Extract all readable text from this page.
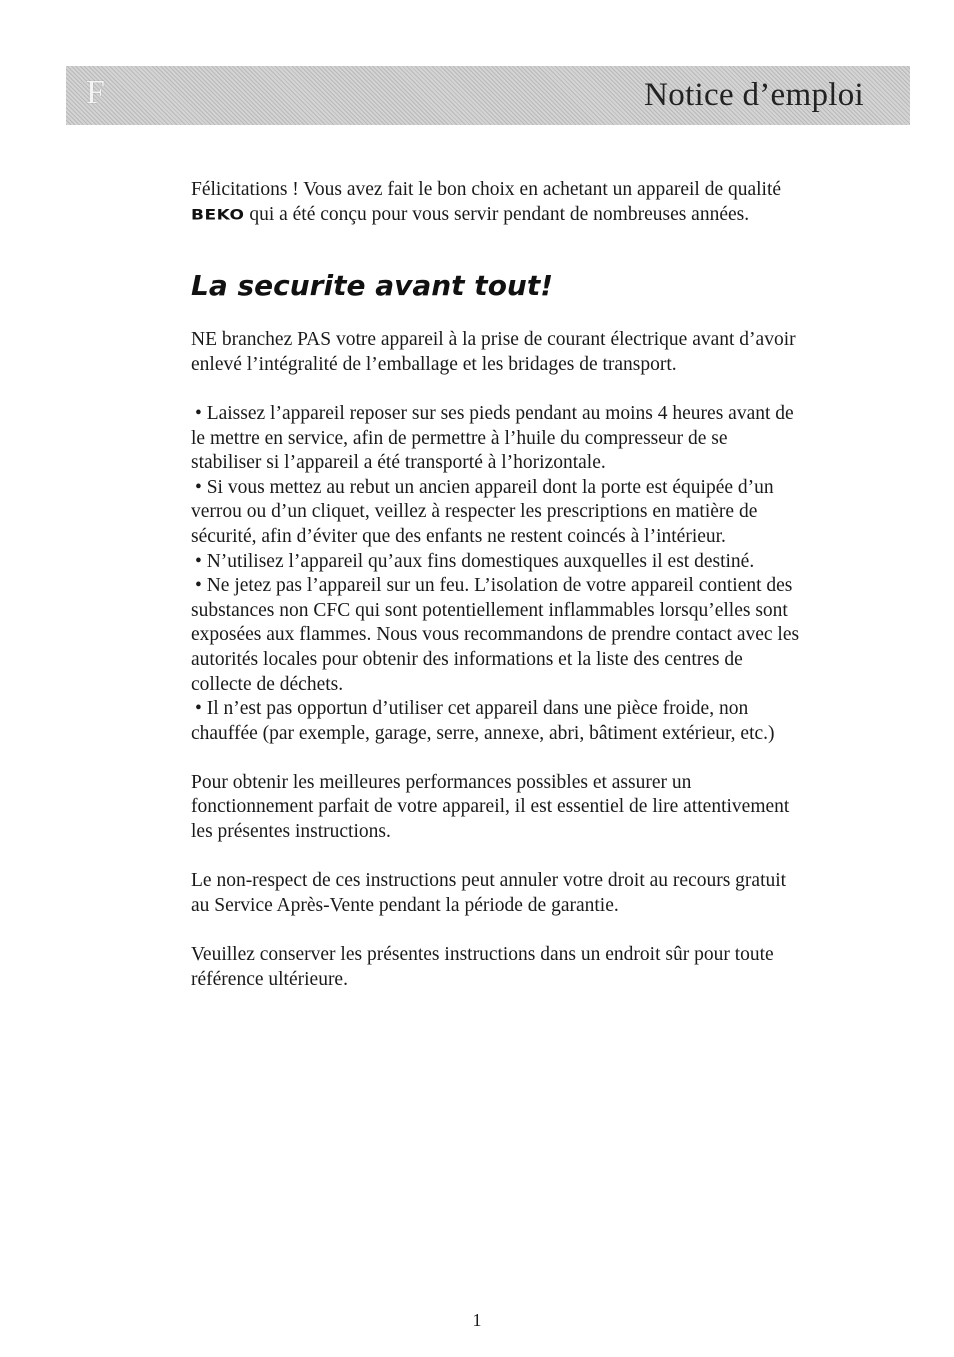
F	Notice d’emploi

Félicitations ! Vous avez fait le bon choix en achetant un appareil de qualité BEKO qui a été conçu pour vous servir pendant de nombreuses années.

La securite avant tout!

NE branchez PAS votre appareil à la prise de courant électrique avant d’avoir enlevé l’intégralité de l’emballage et les bridages de transport.

• Laissez l’appareil reposer sur ses pieds pendant au moins 4 heures avant de le mettre en service, afin de permettre à l’huile du compresseur de se stabiliser si l’appareil a été transporté à l’horizontale.

• Si vous mettez au rebut un ancien appareil dont la porte est équipée d’un verrou ou d’un cliquet, veillez à respecter les prescriptions en matière de sécurité, afin d’éviter que des enfants ne restent coincés à l’intérieur.

• N’utilisez l’appareil qu’aux fins domestiques auxquelles il est destiné.

• Ne jetez pas l’appareil sur un feu. L’isolation de votre appareil contient des substances non CFC qui sont potentiellement inflammables lorsqu’elles sont exposées aux flammes. Nous vous recommandons de prendre contact avec les autorités locales pour obtenir des informations et la liste des centres de collecte de déchets.

• Il n’est pas opportun d’utiliser cet appareil dans une pièce froide, non chauffée (par exemple, garage, serre, annexe, abri, bâtiment extérieur, etc.)

Pour obtenir les meilleures performances possibles et assurer un fonctionnement parfait de votre appareil, il est essentiel de lire attentivement les présentes instructions.

Le non-respect de ces instructions peut annuler votre droit au recours gratuit au Service Après-Vente pendant la période de garantie.

Veuillez conserver les présentes instructions dans un endroit sûr pour toute référence ultérieure.

1
